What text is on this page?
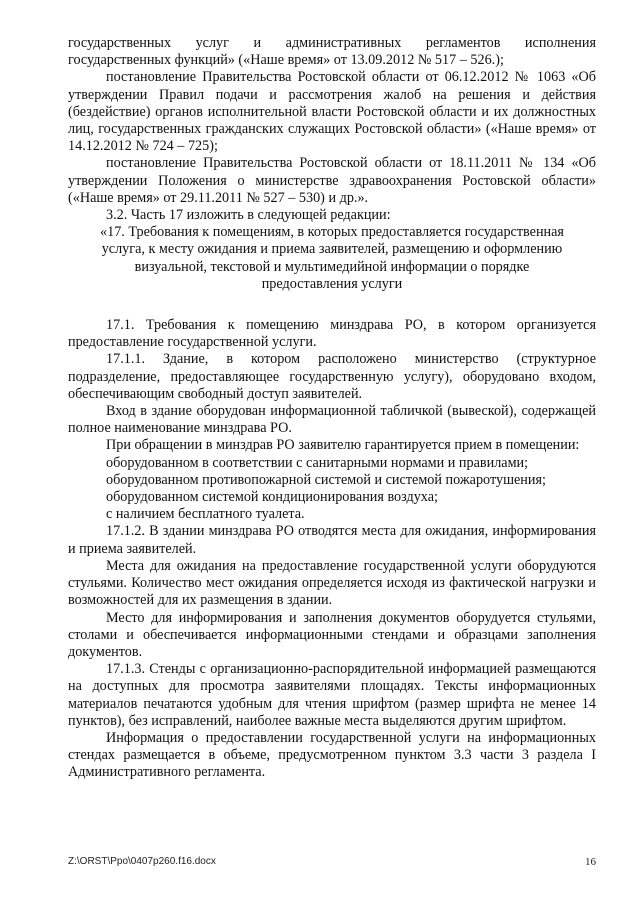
государственных услуг и административных регламентов исполнения государственных функций» («Наше время» от 13.09.2012 № 517 – 526.);

постановление Правительства Ростовской области от 06.12.2012 № 1063 «Об утверждении Правил подачи и рассмотрения жалоб на решения и действия (бездействие) органов исполнительной власти Ростовской области и их должностных лиц, государственных гражданских служащих Ростовской области» («Наше время» от 14.12.2012 № 724 – 725);

постановление Правительства Ростовской области от 18.11.2011 № 134 «Об утверждении Положения о министерстве здравоохранения Ростовской области» («Наше время» от 29.11.2011 № 527 – 530) и др.».

3.2. Часть 17 изложить в следующей редакции:

«17. Требования к помещениям, в которых предоставляется государственная услуга, к месту ожидания и приема заявителей, размещению и оформлению визуальной, текстовой и мультимедийной информации о порядке предоставления услуги

17.1. Требования к помещению минздрава РО, в котором организуется предоставление государственной услуги.

17.1.1. Здание, в котором расположено министерство (структурное подразделение, предоставляющее государственную услугу), оборудовано входом, обеспечивающим свободный доступ заявителей.

Вход в здание оборудован информационной табличкой (вывеской), содержащей полное наименование минздрава РО.

При обращении в минздрав РО заявителю гарантируется прием в помещении:

оборудованном в соответствии с санитарными нормами и правилами;

оборудованном противопожарной системой и системой пожаротушения;

оборудованном системой кондиционирования воздуха;

с наличием бесплатного туалета.

17.1.2. В здании минздрава РО отводятся места для ожидания, информирования и приема заявителей.

Места для ожидания на предоставление государственной услуги оборудуются стульями. Количество мест ожидания определяется исходя из фактической нагрузки и возможностей для их размещения в здании.

Место для информирования и заполнения документов оборудуется стульями, столами и обеспечивается информационными стендами и образцами заполнения документов.

17.1.3. Стенды с организационно-распорядительной информацией размещаются на доступных для просмотра заявителями площадях. Тексты информационных материалов печатаются удобным для чтения шрифтом (размер шрифта не менее 14 пунктов), без исправлений, наиболее важные места выделяются другим шрифтом.

Информация о предоставлении государственной услуги на информационных стендах размещается в объеме, предусмотренном пунктом 3.3 части 3 раздела I Административного регламента.

Z:\ORST\Ppo\0407p260.f16.docx	16
